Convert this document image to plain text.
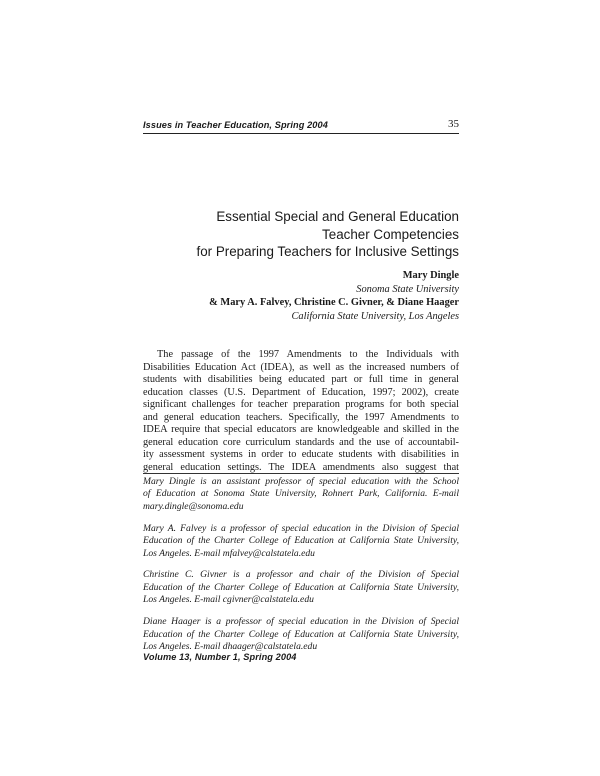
Issues in Teacher Education, Spring 2004	35
Essential Special and General Education
Teacher Competencies
for Preparing Teachers for Inclusive Settings
Mary Dingle
Sonoma State University
& Mary A. Falvey, Christine C. Givner, & Diane Haager
California State University, Los Angeles
The passage of the 1997 Amendments to the Individuals with
Disabilities Education Act (IDEA), as well as the increased numbers of
students with disabilities being educated part or full time in general
education classes (U.S. Department of Education, 1997; 2002), create
significant challenges for teacher preparation programs for both special
and general education teachers. Specifically, the 1997 Amendments to
IDEA require that special educators are knowledgeable and skilled in the
general education core curriculum standards and the use of accountabil-
ity assessment systems in order to educate students with disabilities in
general education settings. The IDEA amendments also suggest that
Mary Dingle is an assistant professor of special education with the School
of Education at Sonoma State University, Rohnert Park, California. E-mail
mary.dingle@sonoma.edu
Mary A. Falvey is a professor of special education in the Division of Special
Education of the Charter College of Education at California State University,
Los Angeles. E-mail mfalvey@calstatela.edu
Christine C. Givner is a professor and chair of the Division of Special
Education of the Charter College of Education at California State University,
Los Angeles. E-mail cgivner@calstatela.edu
Diane Haager is a professor of special education in the Division of Special
Education of the Charter College of Education at California State University,
Los Angeles. E-mail dhaager@calstatela.edu
Volume 13, Number 1, Spring 2004
